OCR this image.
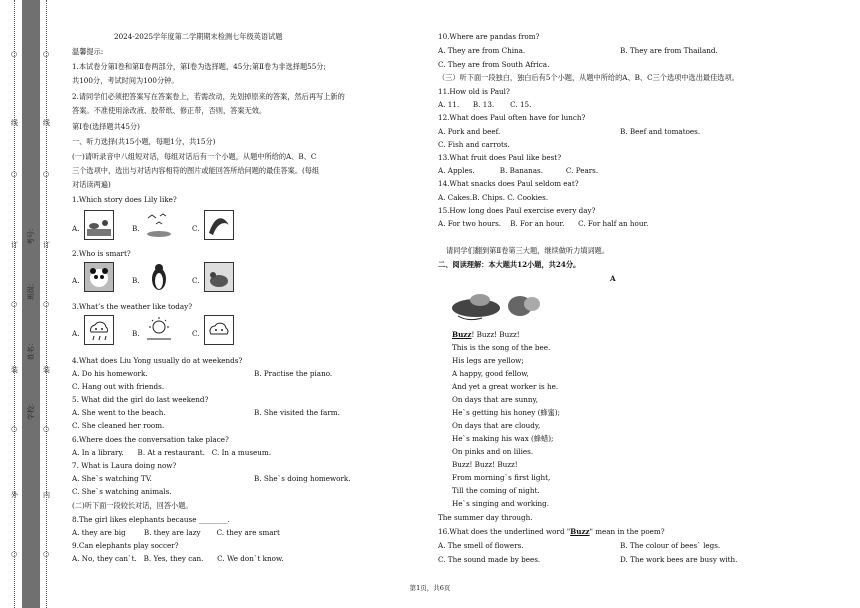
○
线
○
订
○
装
○
外
○
○
线
○
订
○
装
○
内
○
学校：
姓名：
班级：
考号：
2024-2025学年度第二学期期末检测七年级英语试题
温馨提示:
1.本试卷分第Ⅰ卷和第Ⅱ卷两部分，第Ⅰ卷为选择题，45分;第Ⅱ卷为非选择题55分;
共100分，考试时间为100分钟。
2.请同学们必须把答案写在答案卷上，若需改动，先划掉原来的答案，然后再写上新的
答案。不准使用涂改液、胶带纸、修正带，否则，答案无效。
第Ⅰ卷(选择题共45分)
一、听力选择(共15小题，每题1分，共15分)
(一)请听录音中八组短对话，每组对话后有一个小题，从题中所给的A、B、C
三个选项中，选出与对话内容相符的图片或能回答所给问题的最佳答案。(每组
对话读两遍)
1.Which story does Lily like?
A.	B.	C.
2.Who is smart?
A.	B.	C.
3.What’s the weather like today?
A.	B.	C.
4.What does Liu Yong usually do at weekends?
A. Do his homework.	B. Practise the piano.
C. Hang out with friends.
5. What did the girl do last weekend?
A. She went to the beach.	B. She visited the farm.
C. She cleaned her room.
6.Where does the conversation take place?
A. In a library.      B. At a restaurant.   C. In a museum.
7. What is Laura doing now?
A. She`s watching TV.	B. She`s doing homework.
C. She`s watching animals.
(二)听下面一段较长对话，回答小题。
8.The girl likes elephants because ________.
A. they are big        B. they are lazy       C. they are smart
9.Can elephants play soccer?
A. No, they can`t.   B. Yes, they can.      C. We don`t know.
10.Where are pandas from?
A. They are from China.	B. They are from Thailand.
C. They are from South Africa.
（三）听下面一段独白，独白后有5个小题，从题中所给的A、B、C三个选项中选出最佳选项。
11.How old is Paul?
A. 11.      B. 13.       C. 15.
12.What does Paul often have for lunch?
A. Pork and beef.	B. Beef and tomatoes.
C. Fish and carrots.
13.What fruit does Paul like best?
A. Apples.           B. Bananas.          C. Pears.
14.What snacks does Paul seldom eat?
A. Cakes.B. Chips. C. Cookies.
15.How long does Paul exercise every day?
A. For two hours.    B. For an hour.      C. For half an hour.
请同学们翻到第Ⅱ卷第三大题，继续做听力填词题。
二、阅读理解：本大题共12小题，共24分。
A
Buzz! Buzz! Buzz!
This is the song of the bee.
His legs are yellow;
A happy, good fellow,
And yet a great worker is he.
On days that are sunny,
He`s getting his honey (蜂蜜);
On days that are cloudy,
He`s making his wax (蜂蜡);
On pinks and on lilies.
Buzz! Buzz! Buzz!
From morning`s first light,
Till the coming of night.
He`s singing and working.
The summer day through.
16.What does the underlined word "Buzz" mean in the poem?
A. The smell of flowers.	B. The colour of bees` legs.
C. The sound made by bees.	D. The work bees are busy with.
第1页，共6页
